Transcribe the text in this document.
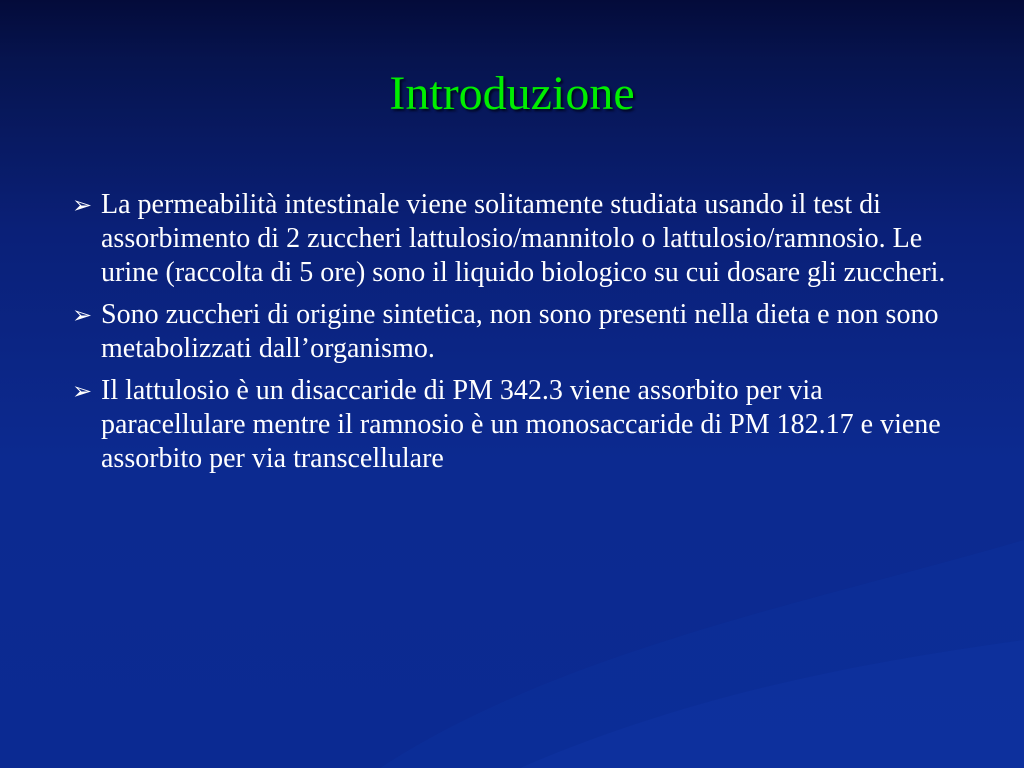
Introduzione
➢ La permeabilità intestinale viene solitamente studiata usando il test di assorbimento di 2 zuccheri lattulosio/mannitolo o lattulosio/ramnosio. Le urine (raccolta di 5 ore) sono il liquido biologico su cui dosare gli zuccheri.
➢ Sono zuccheri di origine sintetica, non sono presenti nella dieta e non sono metabolizzati dall’organismo.
➢ Il lattulosio è un disaccaride di PM 342.3 viene assorbito per via paracellulare mentre il ramnosio è un monosaccaride di PM 182.17 e viene assorbito per via transcellulare
